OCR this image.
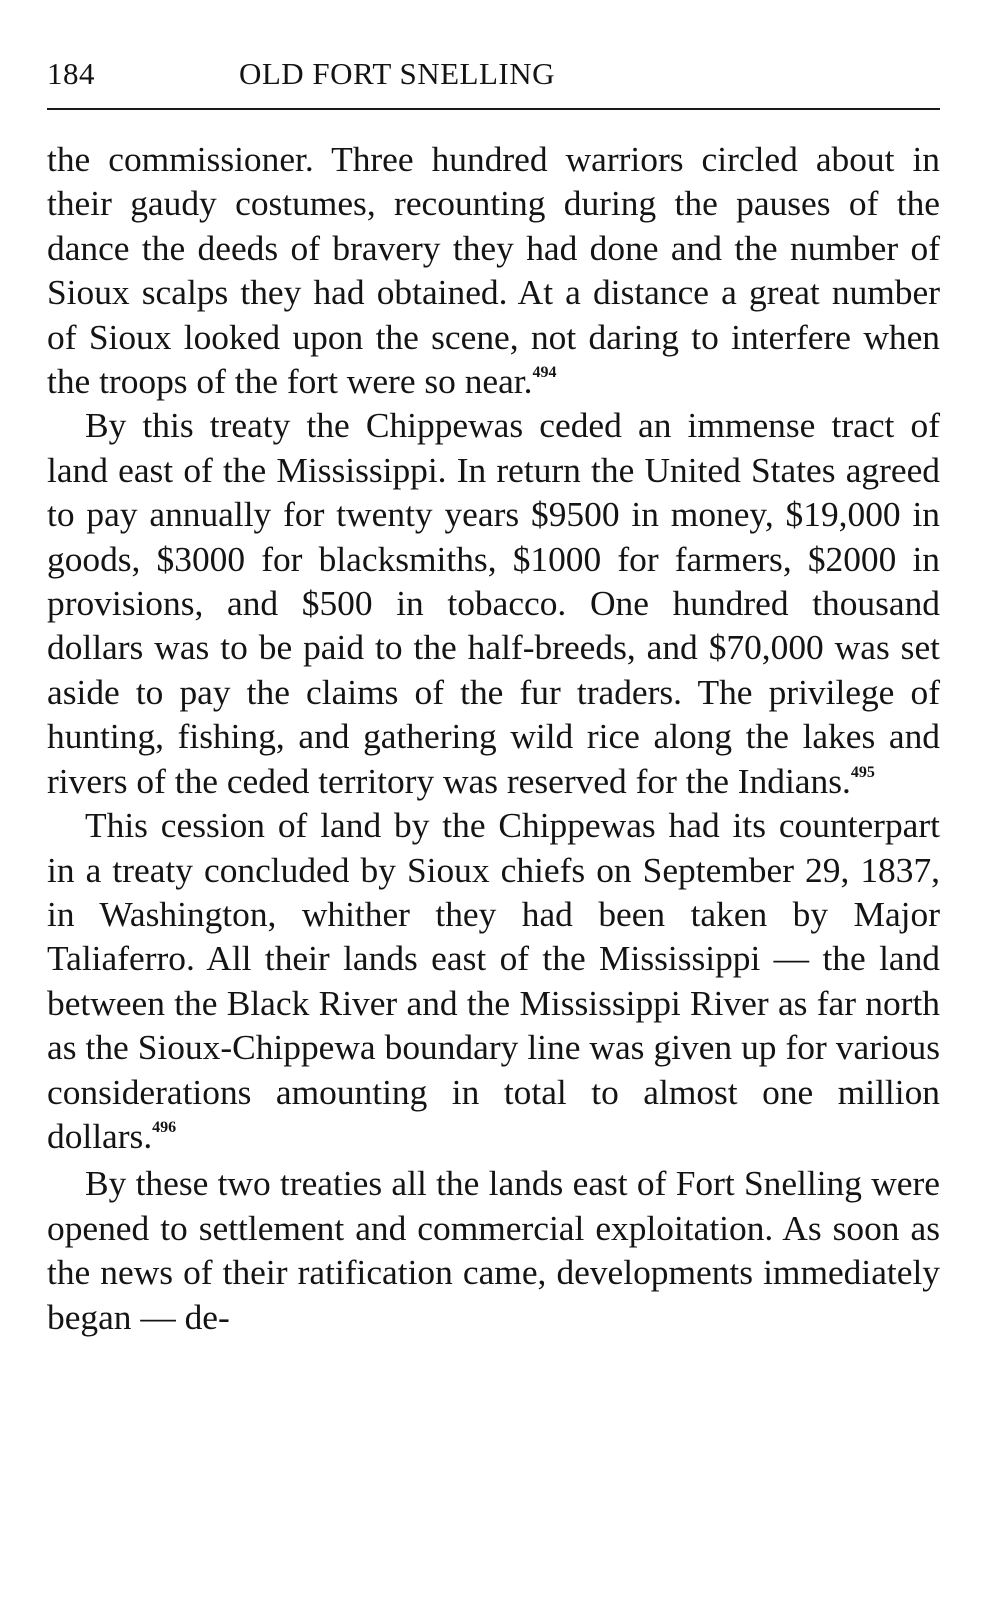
184	OLD FORT SNELLING

the commissioner. Three hundred warriors circled about in their gaudy costumes, recounting during the pauses of the dance the deeds of bravery they had done and the number of Sioux scalps they had obtained. At a distance a great number of Sioux looked upon the scene, not daring to interfere when the troops of the fort were so near.$^{494}$

By this treaty the Chippewas ceded an immense tract of land east of the Mississippi. In return the United States agreed to pay annually for twenty years $9500 in money, $19,000 in goods, $3000 for blacksmiths, $1000 for farmers, $2000 in provisions, and $500 in tobacco. One hundred thousand dollars was to be paid to the half-breeds, and $70,000 was set aside to pay the claims of the fur traders. The privilege of hunting, fishing, and gathering wild rice along the lakes and rivers of the ceded territory was reserved for the Indians.$^{495}$

This cession of land by the Chippewas had its counterpart in a treaty concluded by Sioux chiefs on September 29, 1837, in Washington, whither they had been taken by Major Taliaferro. All their lands east of the Mississippi — the land between the Black River and the Mississippi River as far north as the Sioux-Chippewa boundary line was given up for various considerations amounting in total to almost one million dollars.$^{496}$

By these two treaties all the lands east of Fort Snelling were opened to settlement and commercial exploitation. As soon as the news of their ratification came, developments immediately began — de-
